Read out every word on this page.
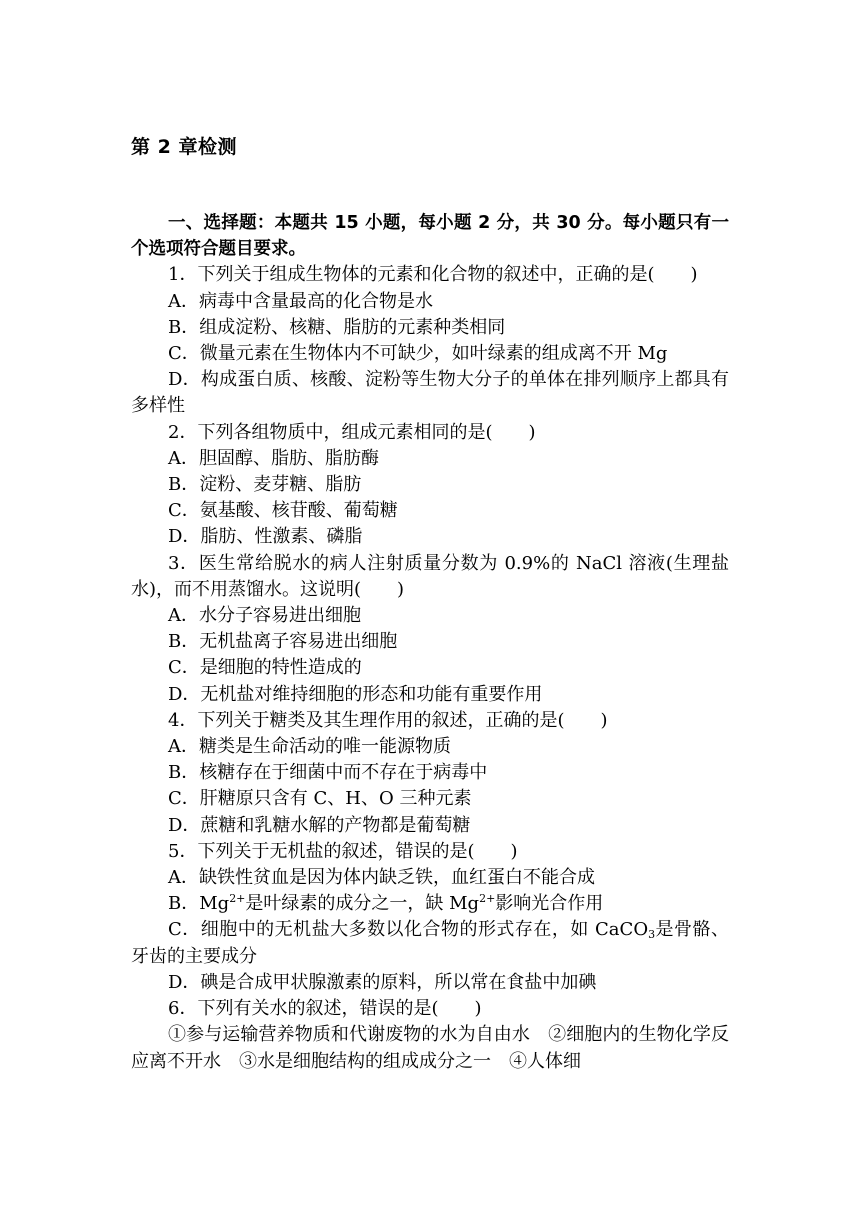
第 2 章检测

一、选择题：本题共 15 小题，每小题 2 分，共 30 分。每小题只有一个选项符合题目要求。

1．下列关于组成生物体的元素和化合物的叙述中，正确的是(　　)

A．病毒中含量最高的化合物是水

B．组成淀粉、核糖、脂肪的元素种类相同

C．微量元素在生物体内不可缺少，如叶绿素的组成离不开 Mg

D．构成蛋白质、核酸、淀粉等生物大分子的单体在排列顺序上都具有多样性

2．下列各组物质中，组成元素相同的是(　　)

A．胆固醇、脂肪、脂肪酶

B．淀粉、麦芽糖、脂肪

C．氨基酸、核苷酸、葡萄糖

D．脂肪、性激素、磷脂

3．医生常给脱水的病人注射质量分数为 0.9%的 NaCl 溶液(生理盐水)，而不用蒸馏水。这说明(　　)

A．水分子容易进出细胞

B．无机盐离子容易进出细胞

C．是细胞的特性造成的

D．无机盐对维持细胞的形态和功能有重要作用

4．下列关于糖类及其生理作用的叙述，正确的是(　　)

A．糖类是生命活动的唯一能源物质

B．核糖存在于细菌中而不存在于病毒中

C．肝糖原只含有 C、H、O 三种元素

D．蔗糖和乳糖水解的产物都是葡萄糖

5．下列关于无机盐的叙述，错误的是(　　)

A．缺铁性贫血是因为体内缺乏铁，血红蛋白不能合成

B．$Mg^{2+}$是叶绿素的成分之一，缺 $Mg^{2+}$影响光合作用

C．细胞中的无机盐大多数以化合物的形式存在，如 CaCO$_3$是骨骼、牙齿的主要成分

D．碘是合成甲状腺激素的原料，所以常在食盐中加碘

6．下列有关水的叙述，错误的是(　　)

①参与运输营养物质和代谢废物的水为自由水　②细胞内的生物化学反应离不开水　③水是细胞结构的组成成分之一　④人体细
